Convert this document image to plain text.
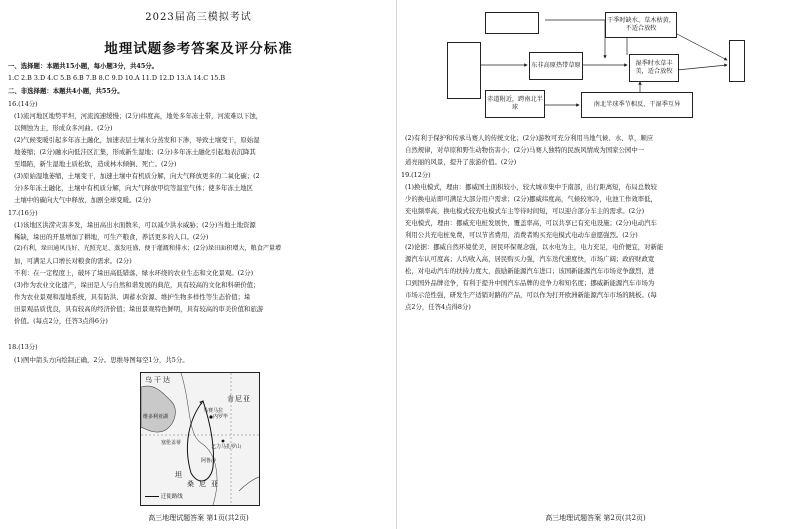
2023届高三模拟考试
地理试题参考答案及评分标准
一、选择题：本题共15小题，每小题3分，共45分。
1.C 2.B 3.D 4.C 5.B 6.B 7.B 8.C 9.D 10.A 11.D 12.D 13.A 14.C 15.B
二、非选择题：本题共4小题，共55分。
16.(14分)
(1)流河地区地势平坦，河流流速缓慢；(2分)纬度高，地处多年冻土带，河流难以下蚀，
以侧蚀为主，形成众多河曲。(2分)
(2)气候变暖引起多年冻土融化，加速表层土壤水分蒸发和下渗，导致土壤变干，原始湿
地萎缩；(2分)融水向低洼区汇集，形成新生湿地；(2分)多年冻土融化引起地表沉降其
至塌陷，新生湿地土质松软，造成林木倾倒、死亡。(2分)
(3)原始湿地萎缩，土壤变干，加速土壤中有机质分解，向大气释放更多的二氧化碳；(2
分)多年冻土融化，土壤中有机质分解，向大气释放甲烷等温室气体；使多年冻土地区
土壤中的碳向大气中释放，加剧全球变暖。(2分)
17.(16分)
(1)该地区洪涝灾害多发，垛田高出水面数米，可以减少洪水威胁；(2分)当地土地资源
稀缺，垛田的开垦增加了耕地，可生产粮食，养活更多的人口。(2分)
(2)有利，垛田通风良好、光照充足、蒸发旺盛，便于灌溉和排水；(2分)垛田面积增大，粮食产量增
加，可满足人口增长对粮食的需求。(2分)
不利：在一定程度上，破坏了垛田高低错落、绿水环绕的农业生态和文化景观。(2分)
(3)作为农业文化遗产，垛田是人与自然和谐发展的典范，具有较高的文化和科研价值；
作为农业景观和湿地系统，具有防洪、调蓄水资源、维护生物多样性等生态价值；垛
田景观品质优良，具有较高的经济价值；垛田景观特色鲜明，具有较高的审美价值和旅游
价值。(每点2分，任答3点得6分)
18.(13分)
(1)图中箭头方向绘制正确，2分。思维导图每空1分，共5分。
乌 干 达
肯 尼 亚
坦
桑 尼 亚
塞伦盖蒂
马赛马拉
内罗毕
乞力马扎罗山
阿鲁沙
维多利亚湖
迁徙路线
高三地理试题答案 第1页(共2页)
东非高原热带草原
干季时缺水、草木枯黄，不适合放牧
湿季时水草丰美，适合放牧
赤道附近，跨南北半球	南北半球季节相反，干湿季互异
(2)有利于保护和传承马赛人的传统文化；(2分)游牧可充分利用当地气候、水、草，顺应
自然规律，对草原和野生动物伤害小；(2分)马赛人独特的民族风情成为国家公园中一
道亮丽的风景，提升了旅游价值。(2分)
19.(12分)
(1)换电模式，理由：挪威国土面积较小，较大城市集中于南部，出行距离短，布局总数较
少的换电站即可满足大部分用户需求；(2分)挪威纬度高，气候较寒冷，电池工作效率低，
充电频率高，换电模式较充电模式车主等待时间短，可以迎合部分车主的需求。(2分)
充电模式，理由：挪威充电桩发展快，覆盖率高，可以共享已有充电设施；(2分)电动汽车
利用公共充电桩免费，可以节省费用，消费者购买充电模式电动车意愿强烈。(2分)
(2)论据：挪威自然环境优美，居民环保观念强，以水电为主，电力充足，电价便宜，对新能
源汽车认可度高；人均收入高，居民购买力强，汽车迭代速度快，市场广阔；政府财政宽
松，对电动汽车的扶持力度大，鼓励新能源汽车进口；该国新能源汽车市场竞争激烈，进
口到国外品牌竞争，有利于提升中国汽车品牌的竞争力和知名度；挪威新能源汽车市场为
市场示范性强，研发生产适销对路的产品，可以作为打开欧洲新能源汽车市场的跳板。(每
点2分，任答4点得8分)
高三地理试题答案 第2页(共2页)
